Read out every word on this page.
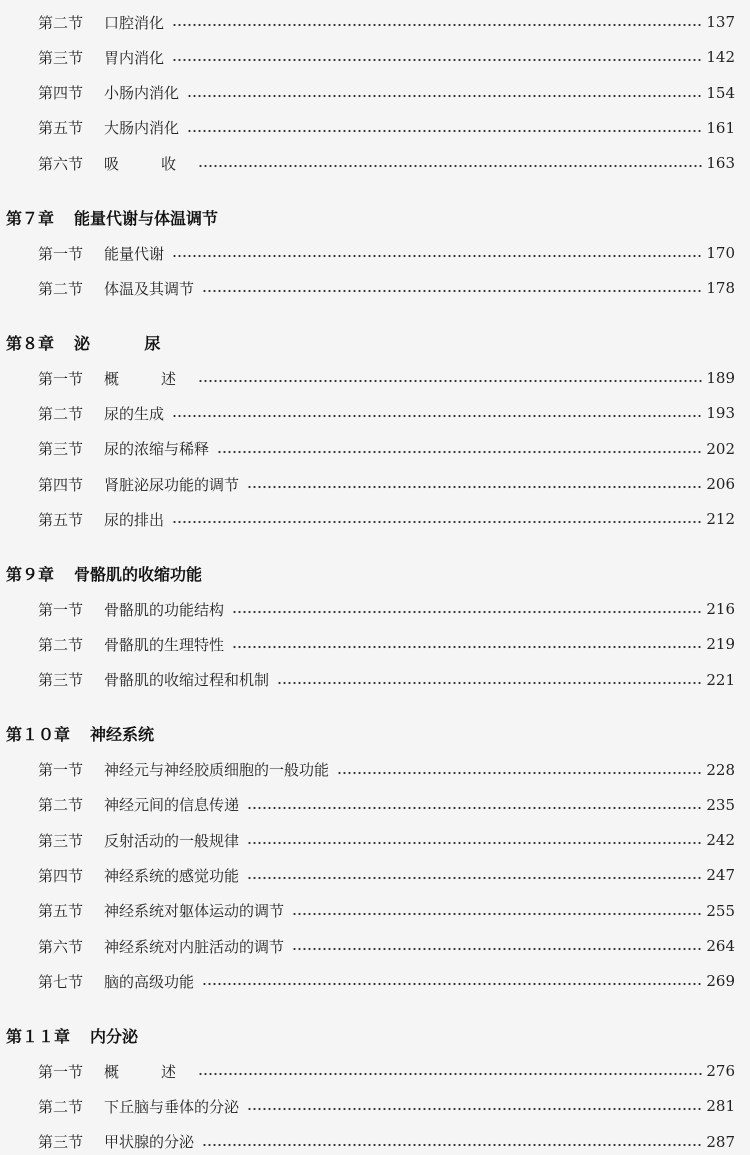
第二节	口腔消化	137
第三节	胃内消化	142
第四节	小肠内消化	154
第五节	大肠内消化	161
第六节	吸　收	163
第７章 能量代谢与体温调节
第一节	能量代谢	170
第二节	体温及其调节	178
第８章 泌　尿
第一节	概　述	189
第二节	尿的生成	193
第三节	尿的浓缩与稀释	202
第四节	肾脏泌尿功能的调节	206
第五节	尿的排出	212
第９章 骨骼肌的收缩功能
第一节	骨骼肌的功能结构	216
第二节	骨骼肌的生理特性	219
第三节	骨骼肌的收缩过程和机制	221
第１０章 神经系统
第一节	神经元与神经胶质细胞的一般功能	228
第二节	神经元间的信息传递	235
第三节	反射活动的一般规律	242
第四节	神经系统的感觉功能	247
第五节	神经系统对躯体运动的调节	255
第六节	神经系统对内脏活动的调节	264
第七节	脑的高级功能	269
第１１章 内分泌
第一节	概　述	276
第二节	下丘脑与垂体的分泌	281
第三节	甲状腺的分泌	287
